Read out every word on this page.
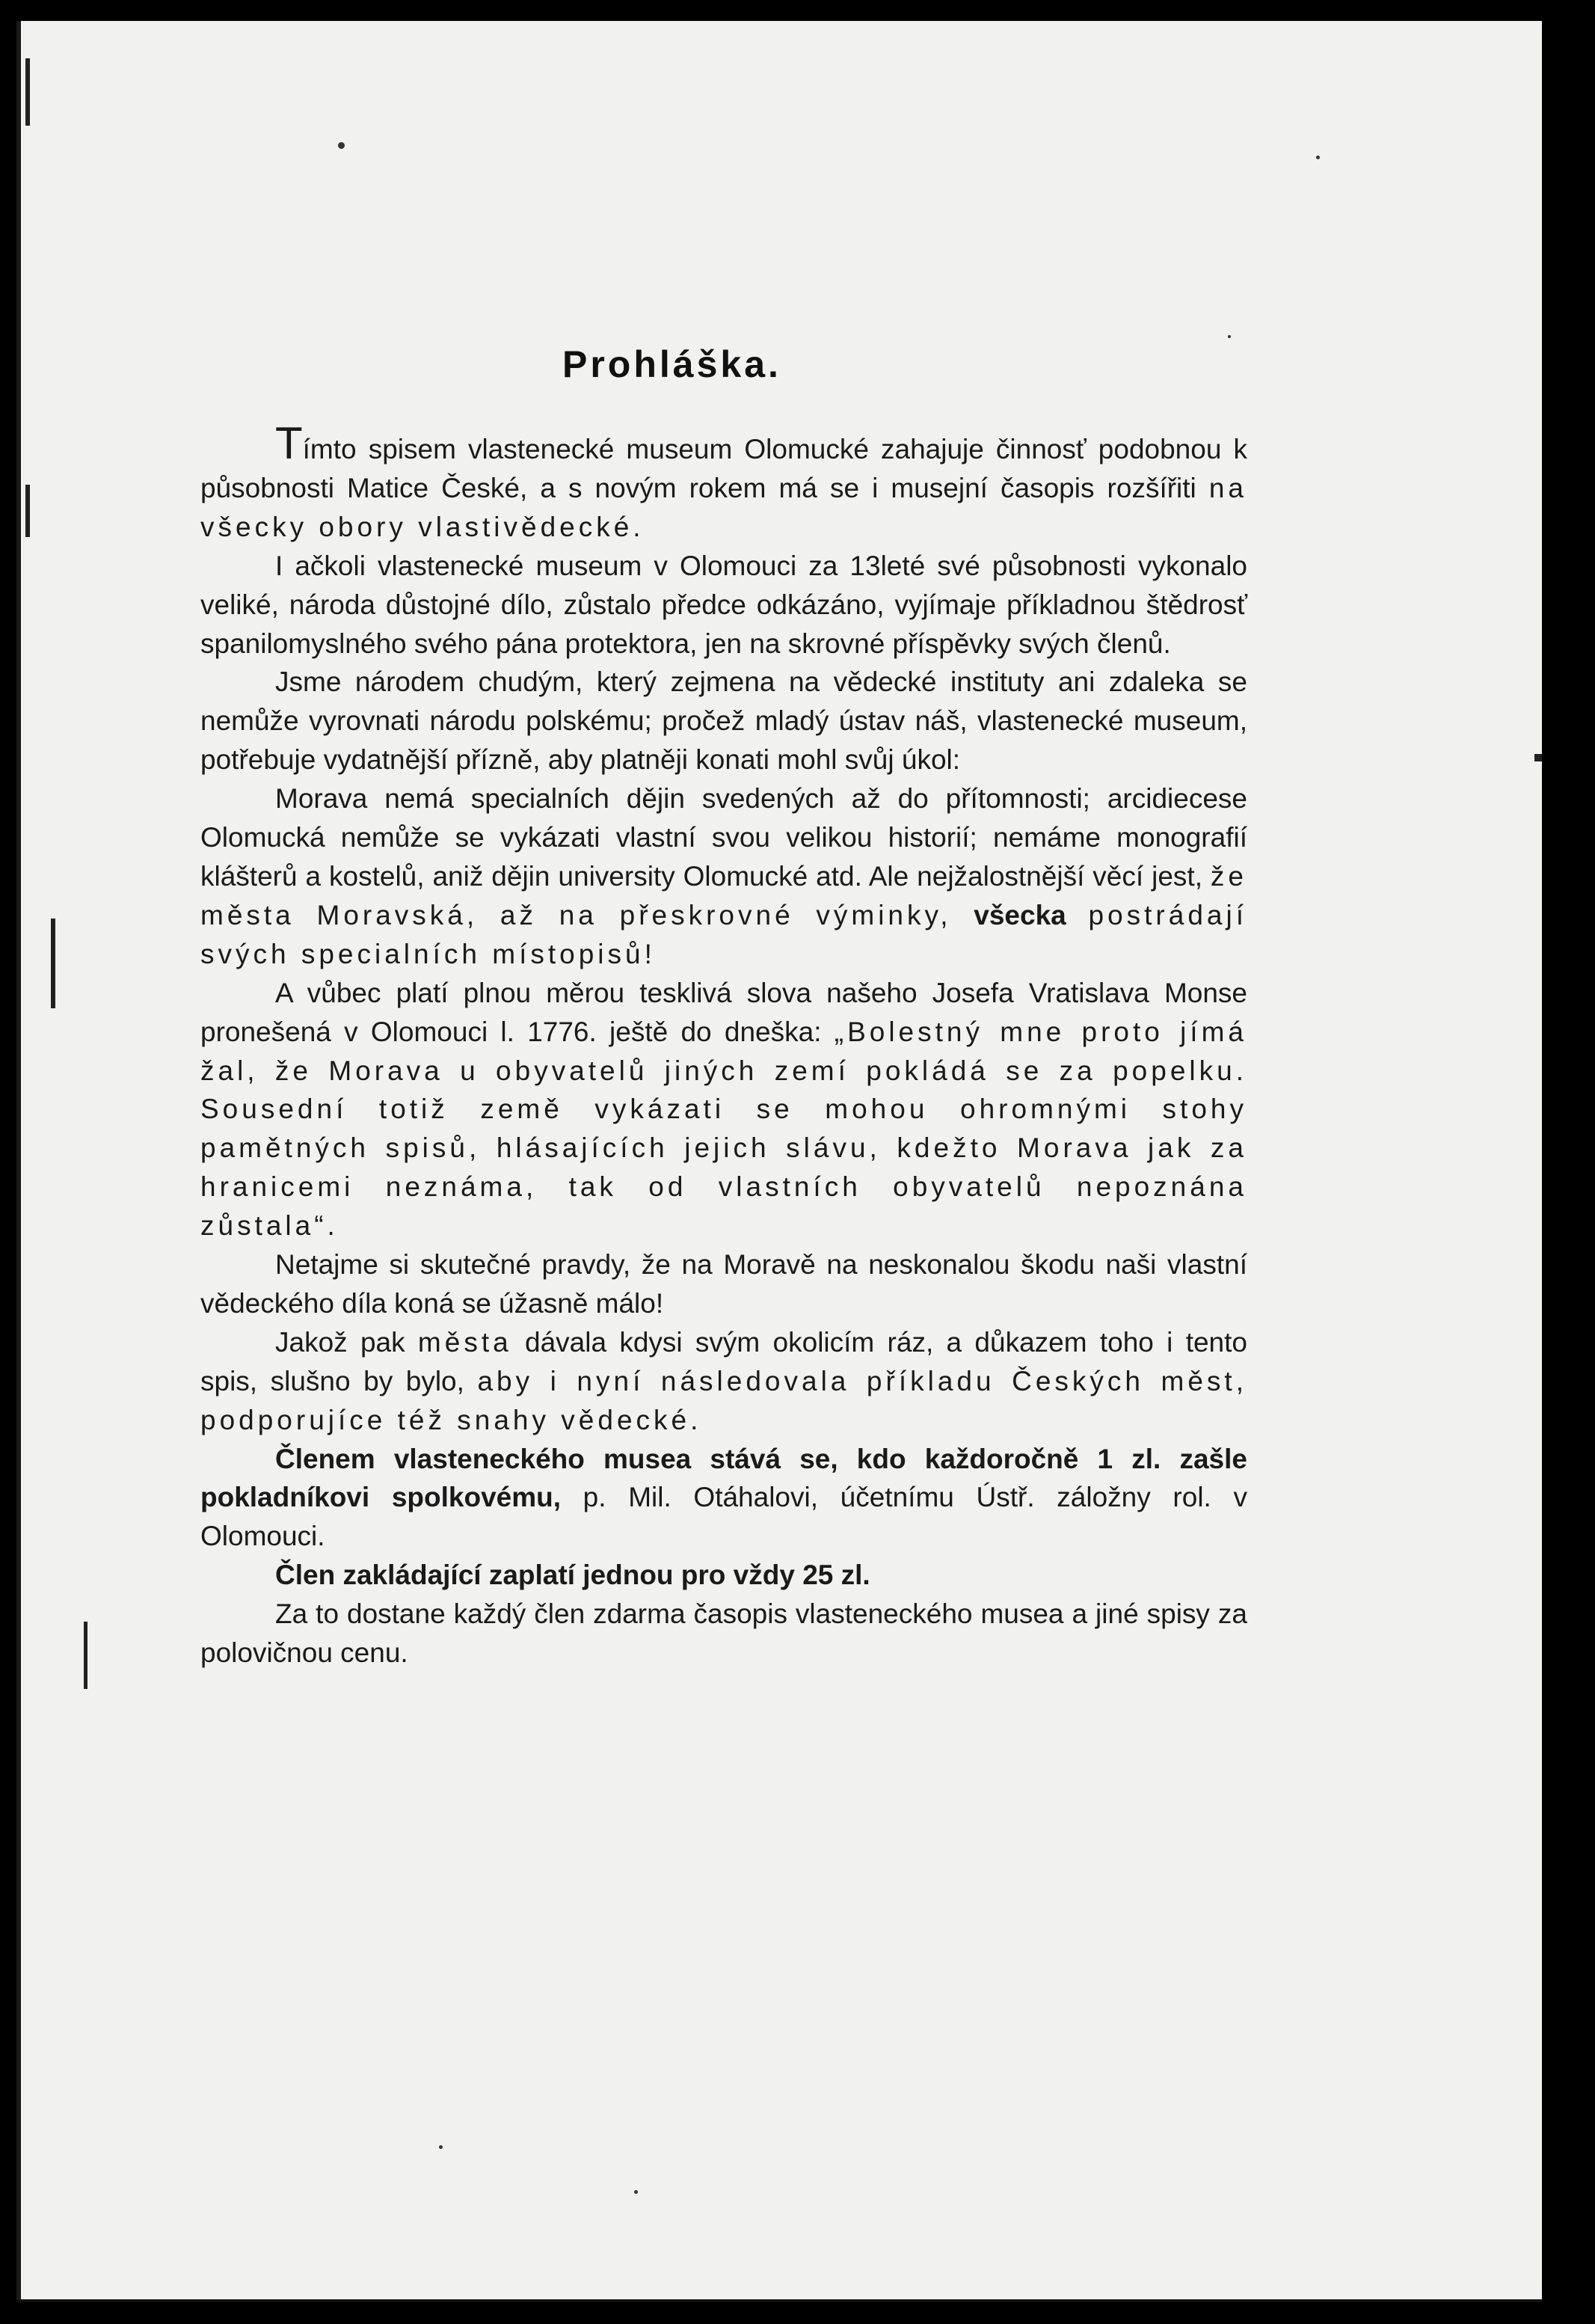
Prohláška.

Tímto spisem vlastenecké museum Olomucké zahajuje činnosť podobnou k působnosti Matice České, a s novým rokem má se i musejní časopis rozšířiti na všecky obory vlastivědecké.

I ačkoli vlastenecké museum v Olomouci za 13leté své působnosti vykonalo veliké, národa důstojné dílo, zůstalo předce odkázáno, vyjímaje příkladnou štědrosť spanilomyslného svého pána protektora, jen na skrovné příspěvky svých členů.

Jsme národem chudým, který zejmena na vědecké instituty ani zdaleka se nemůže vyrovnati národu polskému; pročež mladý ústav náš, vlastenecké museum, potřebuje vydatnější přízně, aby platněji konati mohl svůj úkol:

Morava nemá specialních dějin svedených až do přítomnosti; arcidiecese Olomucká nemůže se vykázati vlastní svou velikou historií; nemáme monografií klášterů a kostelů, aniž dějin university Olomucké atd. Ale nejžalostnější věcí jest, že města Moravská, až na přeskrovné výminky, všecka postrádají svých specialních místopisů!

A vůbec platí plnou měrou tesklivá slova našeho Josefa Vratislava Monse pronešená v Olomouci l. 1776. ještě do dneška: „Bolestný mne proto jímá žal, že Morava u obyvatelů jiných zemí pokládá se za popelku. Sousední totiž země vykázati se mohou ohromnými stohy pamětných spisů, hlásajících jejich slávu, kdežto Morava jak za hranicemi neznáma, tak od vlastních obyvatelů nepoznána zůstala“.

Netajme si skutečné pravdy, že na Moravě na neskonalou škodu naši vlastní vědeckého díla koná se úžasně málo!

Jakož pak města dávala kdysi svým okolicím ráz, a důkazem toho i tento spis, slušno by bylo, aby i nyní následovala příkladu Českých měst, podporujíce též snahy vědecké.

Členem vlasteneckého musea stává se, kdo každoročně 1 zl. zašle pokladníkovi spolkovému, p. Mil. Otáhalovi, účetnímu Ústř. záložny rol. v Olomouci.

Člen zakládající zaplatí jednou pro vždy 25 zl.

Za to dostane každý člen zdarma časopis vlasteneckého musea a jiné spisy za polovičnou cenu.
